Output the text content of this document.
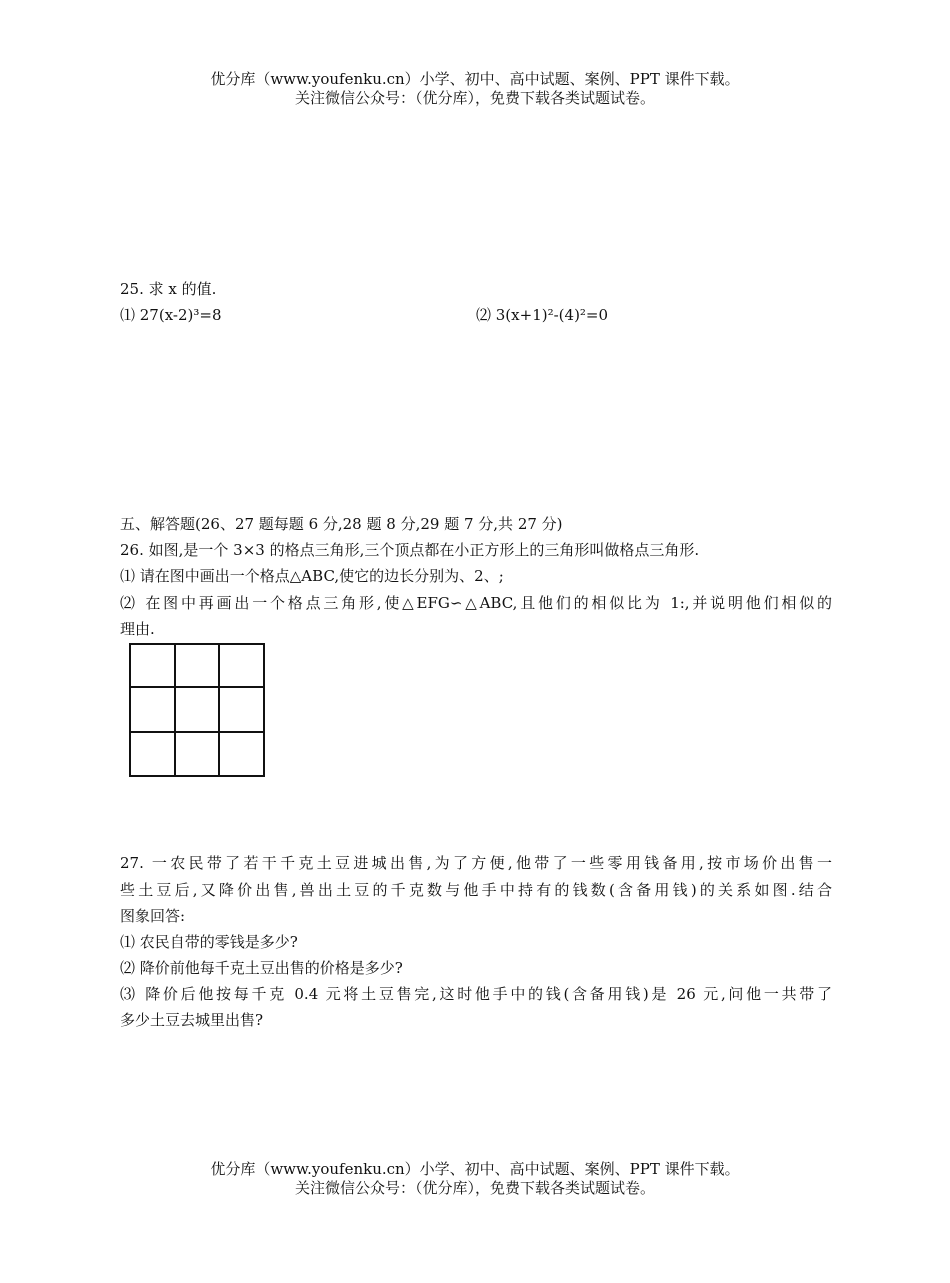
优分库（www.youfenku.cn）小学、初中、高中试题、案例、PPT 课件下载。
关注微信公众号：（优分库），免费下载各类试题试卷。
25. 求 x 的值.
⑴ 27(x-2)³=8	⑵ 3(x+1)²-(4)²=0
五、解答题(26、27 题每题 6 分,28 题 8 分,29 题 7 分,共 27 分)
26. 如图,是一个 3×3 的格点三角形,三个顶点都在小正方形上的三角形叫做格点三角形.
⑴ 请在图中画出一个格点△ABC,使它的边长分别为、2、;
⑵ 在图中再画出一个格点三角形,使△EFG∽△ABC,且他们的相似比为 1:,并说明他们相似的
理由.
27. 一农民带了若干千克土豆进城出售,为了方便,他带了一些零用钱备用,按市场价出售一
些土豆后,又降价出售,兽出土豆的千克数与他手中持有的钱数(含备用钱)的关系如图.结合
图象回答:
⑴ 农民自带的零钱是多少?
⑵ 降价前他每千克土豆出售的价格是多少?
⑶ 降价后他按每千克 0.4 元将土豆售完,这时他手中的钱(含备用钱)是 26 元,问他一共带了
多少土豆去城里出售?
优分库（www.youfenku.cn）小学、初中、高中试题、案例、PPT 课件下载。
关注微信公众号：（优分库），免费下载各类试题试卷。
